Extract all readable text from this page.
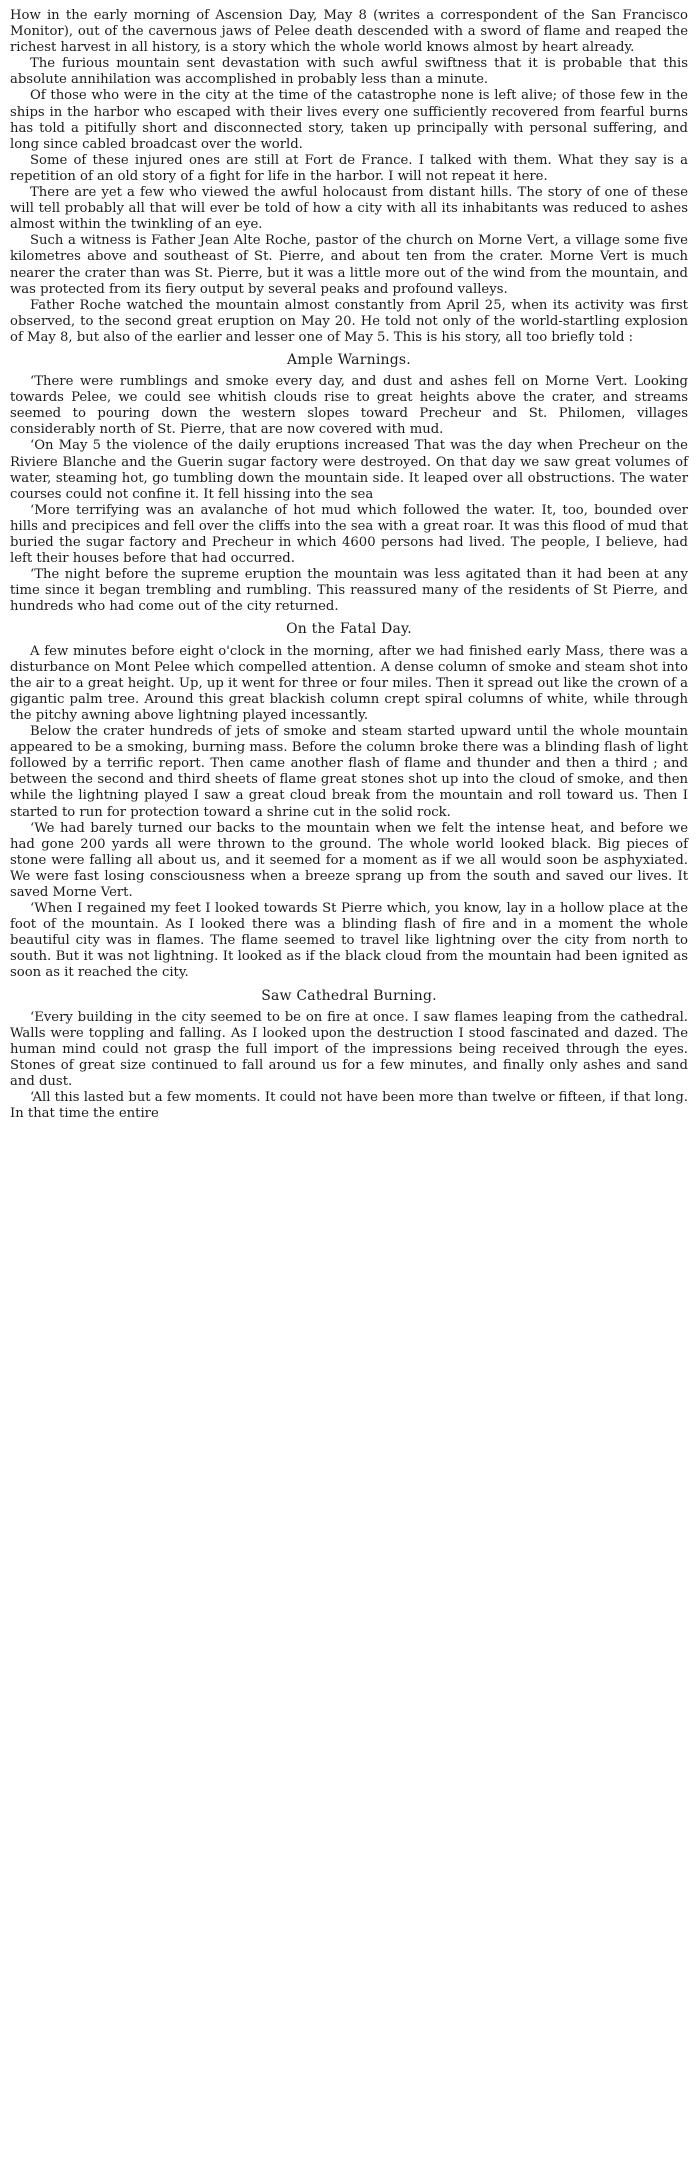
How in the early morning of Ascension Day, May 8 (writes a correspondent of the San Francisco Monitor), out of the cavernous jaws of Pelee death descended with a sword of flame and reaped the richest harvest in all history, is a story which the whole world knows almost by heart already.

The furious mountain sent devastation with such awful swiftness that it is probable that this absolute annihilation was accomplished in probably less than a minute.

Of those who were in the city at the time of the catastrophe none is left alive; of those few in the ships in the harbor who escaped with their lives every one sufficiently recovered from fearful burns has told a pitifully short and disconnected story, taken up principally with personal suffering, and long since cabled broadcast over the world.

Some of these injured ones are still at Fort de France. I talked with them. What they say is a repetition of an old story of a fight for life in the harbor. I will not repeat it here.

There are yet a few who viewed the awful holocaust from distant hills. The story of one of these will tell probably all that will ever be told of how a city with all its inhabitants was reduced to ashes almost within the twinkling of an eye.

Such a witness is Father Jean Alte Roche, pastor of the church on Morne Vert, a village some five kilometres above and southeast of St. Pierre, and about ten from the crater. Morne Vert is much nearer the crater than was St. Pierre, but it was a little more out of the wind from the mountain, and was protected from its fiery output by several peaks and profound valleys.

Father Roche watched the mountain almost constantly from April 25, when its activity was first observed, to the second great eruption on May 20. He told not only of the world-startling explosion of May 8, but also of the earlier and lesser one of May 5. This is his story, all too briefly told :

Ample Warnings.

‘There were rumblings and smoke every day, and dust and ashes fell on Morne Vert. Looking towards Pelee, we could see whitish clouds rise to great heights above the crater, and streams seemed to pouring down the western slopes toward Precheur and St. Philomen, villages considerably north of St. Pierre, that are now covered with mud.

‘On May 5 the violence of the daily eruptions increased That was the day when Precheur on the Riviere Blanche and the Guerin sugar factory were destroyed. On that day we saw great volumes of water, steaming hot, go tumbling down the mountain side. It leaped over all obstructions. The water courses could not confine it. It fell hissing into the sea

‘More terrifying was an avalanche of hot mud which followed the water. It, too, bounded over hills and precipices and fell over the cliffs into the sea with a great roar. It was this flood of mud that buried the sugar factory and Precheur in which 4600 persons had lived. The people, I believe, had left their houses before that had occurred.

‘The night before the supreme eruption the mountain was less agitated than it had been at any time since it began trembling and rumbling. This reassured many of the residents of St Pierre, and hundreds who had come out of the city returned.

On the Fatal Day.

A few minutes before eight o'clock in the morning, after we had finished early Mass, there was a disturbance on Mont Pelee which compelled attention. A dense column of smoke and steam shot into the air to a great height. Up, up it went for three or four miles. Then it spread out like the crown of a gigantic palm tree. Around this great blackish column crept spiral columns of white, while through the pitchy awning above lightning played incessantly.

Below the crater hundreds of jets of smoke and steam started upward until the whole mountain appeared to be a smoking, burning mass. Before the column broke there was a blinding flash of light followed by a terrific report. Then came another flash of flame and thunder and then a third ; and between the second and third sheets of flame great stones shot up into the cloud of smoke, and then while the lightning played I saw a great cloud break from the mountain and roll toward us. Then I started to run for protection toward a shrine cut in the solid rock.

‘We had barely turned our backs to the mountain when we felt the intense heat, and before we had gone 200 yards all were thrown to the ground. The whole world looked black. Big pieces of stone were falling all about us, and it seemed for a moment as if we all would soon be asphyxiated. We were fast losing consciousness when a breeze sprang up from the south and saved our lives. It saved Morne Vert.

‘When I regained my feet I looked towards St Pierre which, you know, lay in a hollow place at the foot of the mountain. As I looked there was a blinding flash of fire and in a moment the whole beautiful city was in flames. The flame seemed to travel like lightning over the city from north to south. But it was not lightning. It looked as if the black cloud from the mountain had been ignited as soon as it reached the city.

Saw Cathedral Burning.

‘Every building in the city seemed to be on fire at once. I saw flames leaping from the cathedral. Walls were toppling and falling. As I looked upon the destruction I stood fascinated and dazed. The human mind could not grasp the full import of the impressions being received through the eyes. Stones of great size continued to fall around us for a few minutes, and finally only ashes and sand and dust.

‘All this lasted but a few moments. It could not have been more than twelve or fifteen, if that long. In that time the entire
